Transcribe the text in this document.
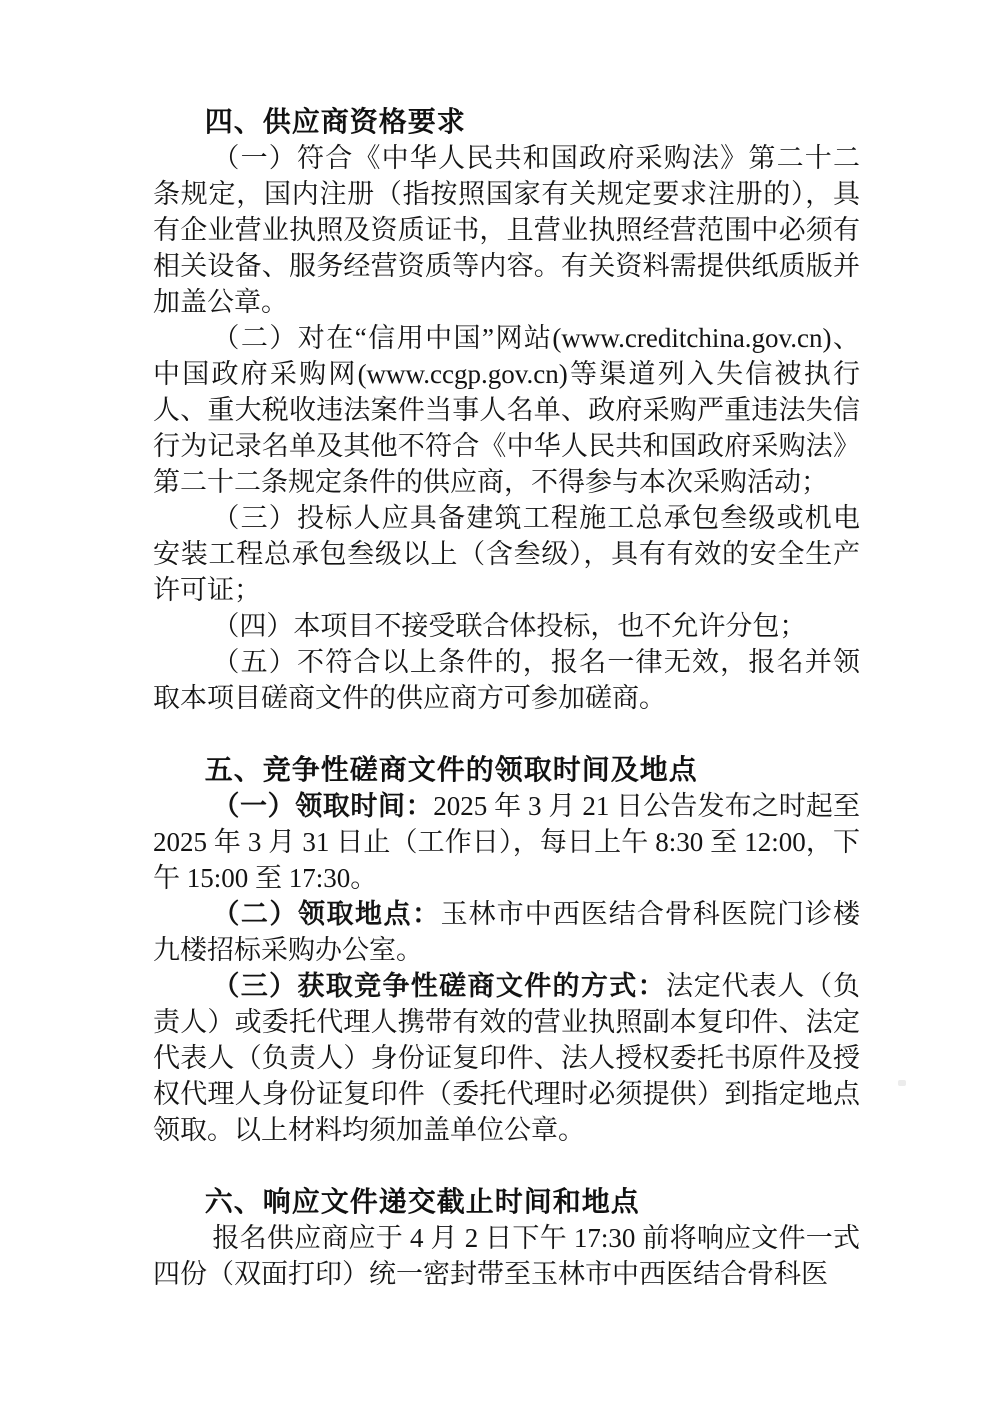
四、供应商资格要求

（一）符合《中华人民共和国政府采购法》第二十二条规定，国内注册（指按照国家有关规定要求注册的），具有企业营业执照及资质证书，且营业执照经营范围中必须有相关设备、服务经营资质等内容。有关资料需提供纸质版并加盖公章。

（二）对在“信用中国”网站(www.creditchina.gov.cn)、中国政府采购网(www.ccgp.gov.cn)等渠道列入失信被执行人、重大税收违法案件当事人名单、政府采购严重违法失信行为记录名单及其他不符合《中华人民共和国政府采购法》第二十二条规定条件的供应商，不得参与本次采购活动；

（三）投标人应具备建筑工程施工总承包叁级或机电安装工程总承包叁级以上（含叁级），具有有效的安全生产许可证；

（四）本项目不接受联合体投标，也不允许分包；

（五）不符合以上条件的，报名一律无效，报名并领取本项目磋商文件的供应商方可参加磋商。

五、竞争性磋商文件的领取时间及地点

（一）领取时间：2025 年 3 月 21 日公告发布之时起至 2025 年 3 月 31 日止（工作日），每日上午 8:30 至 12:00，下午 15:00 至 17:30。

（二）领取地点：玉林市中西医结合骨科医院门诊楼九楼招标采购办公室。

（三）获取竞争性磋商文件的方式：法定代表人（负责人）或委托代理人携带有效的营业执照副本复印件、法定代表人（负责人）身份证复印件、法人授权委托书原件及授权代理人身份证复印件（委托代理时必须提供）到指定地点领取。以上材料均须加盖单位公章。

六、响应文件递交截止时间和地点

报名供应商应于 4 月 2 日下午 17:30 前将响应文件一式四份（双面打印）统一密封带至玉林市中西医结合骨科医
